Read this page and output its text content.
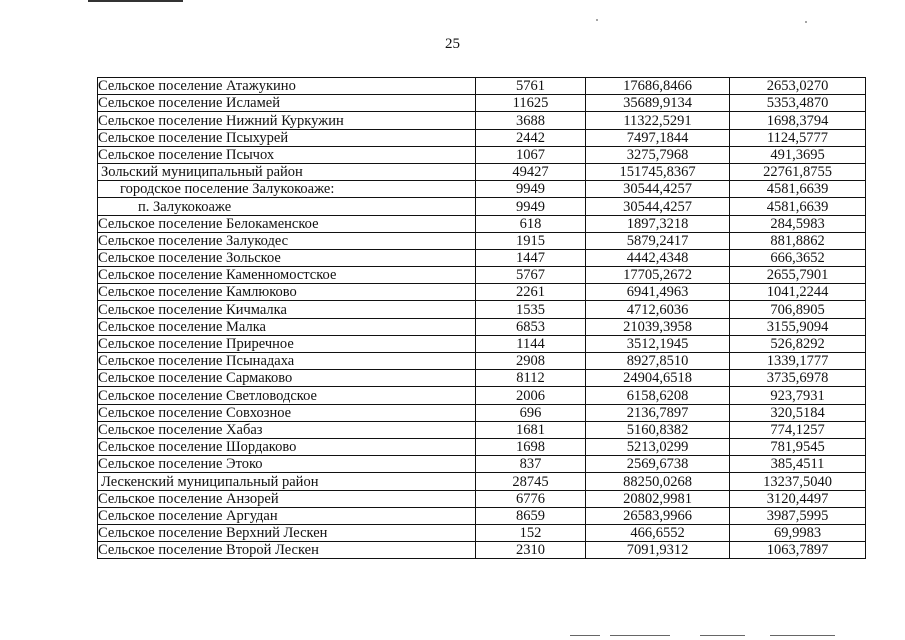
25
Сельское поселение Атажукино	5761	17686,8466	2653,0270
Сельское поселение Исламей	11625	35689,9134	5353,4870
Сельское поселение Нижний Куркужин	3688	11322,5291	1698,3794
Сельское поселение Псыхурей	2442	7497,1844	1124,5777
Сельское поселение Псычох	1067	3275,7968	491,3695
Зольский муниципальный район	49427	151745,8367	22761,8755
городское поселение Залукокоаже:	9949	30544,4257	4581,6639
п. Залукокоаже	9949	30544,4257	4581,6639
Сельское поселение Белокаменское	618	1897,3218	284,5983
Сельское поселение Залукодес	1915	5879,2417	881,8862
Сельское поселение Зольское	1447	4442,4348	666,3652
Сельское поселение Каменномостское	5767	17705,2672	2655,7901
Сельское поселение Камлюково	2261	6941,4963	1041,2244
Сельское поселение Кичмалка	1535	4712,6036	706,8905
Сельское поселение Малка	6853	21039,3958	3155,9094
Сельское поселение Приречное	1144	3512,1945	526,8292
Сельское поселение Псынадаха	2908	8927,8510	1339,1777
Сельское поселение Сармаково	8112	24904,6518	3735,6978
Сельское поселение Светловодское	2006	6158,6208	923,7931
Сельское поселение Совхозное	696	2136,7897	320,5184
Сельское поселение Хабаз	1681	5160,8382	774,1257
Сельское поселение Шордаково	1698	5213,0299	781,9545
Сельское поселение Этоко	837	2569,6738	385,4511
Лескенский муниципальный район	28745	88250,0268	13237,5040
Сельское поселение Анзорей	6776	20802,9981	3120,4497
Сельское поселение Аргудан	8659	26583,9966	3987,5995
Сельское поселение Верхний Лескен	152	466,6552	69,9983
Сельское поселение Второй Лескен	2310	7091,9312	1063,7897
